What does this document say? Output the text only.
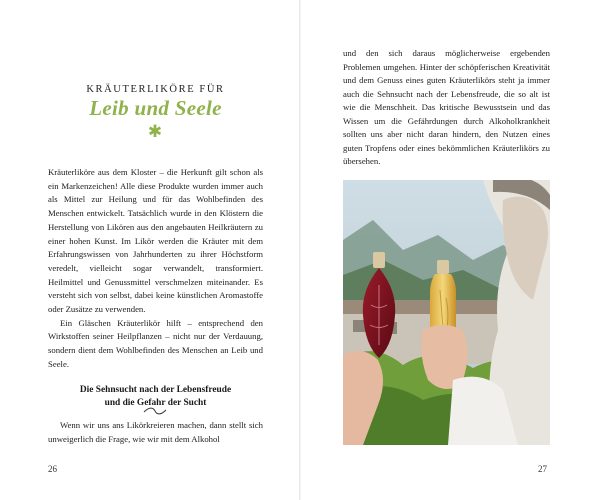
KRÄUTERLIKÖRE FÜR
Leib und Seele
✱

Kräuterliköre aus dem Kloster – die Herkunft gilt schon als ein Markenzeichen! Alle diese Produkte wurden immer auch als Mittel zur Heilung und für das Wohlbefinden des Menschen entwickelt. Tatsächlich wurde in den Klöstern die Herstellung von Likören aus den angebauten Heilkräutern zu einer hohen Kunst. Im Likör werden die Kräuter mit dem Erfahrungswissen von Jahrhunderten zu ihrer Höchstform veredelt, vielleicht sogar verwandelt, transformiert. Heilmittel und Genussmittel verschmelzen miteinander. Es versteht sich von selbst, dabei keine künstlichen Aromastoffe oder Zusätze zu verwenden.

Ein Gläschen Kräuterlikör hilft – entsprechend den Wirkstoffen seiner Heilpflanzen – nicht nur der Verdauung, sondern dient dem Wohlbefinden des Menschen an Leib und Seele.

Die Sehnsucht nach der Lebensfreude
und die Gefahr der Sucht
Wenn wir uns ans Likörkreieren machen, dann stellt sich unweigerlich die Frage, wie wir mit dem Alkohol
26
und den sich daraus möglicherweise ergebenden Problemen umgehen. Hinter der schöpferischen Kreativität und dem Genuss eines guten Kräuterlikörs steht ja immer auch die Sehnsucht nach der Lebensfreude, die so alt ist wie die Menschheit. Das kritische Bewusstsein und das Wissen um die Gefährdungen durch Alkoholkrankheit sollten uns aber nicht daran hindern, den Nutzen eines guten Tropfens oder eines bekömmlichen Kräuterlikörs zu übersehen.
27
